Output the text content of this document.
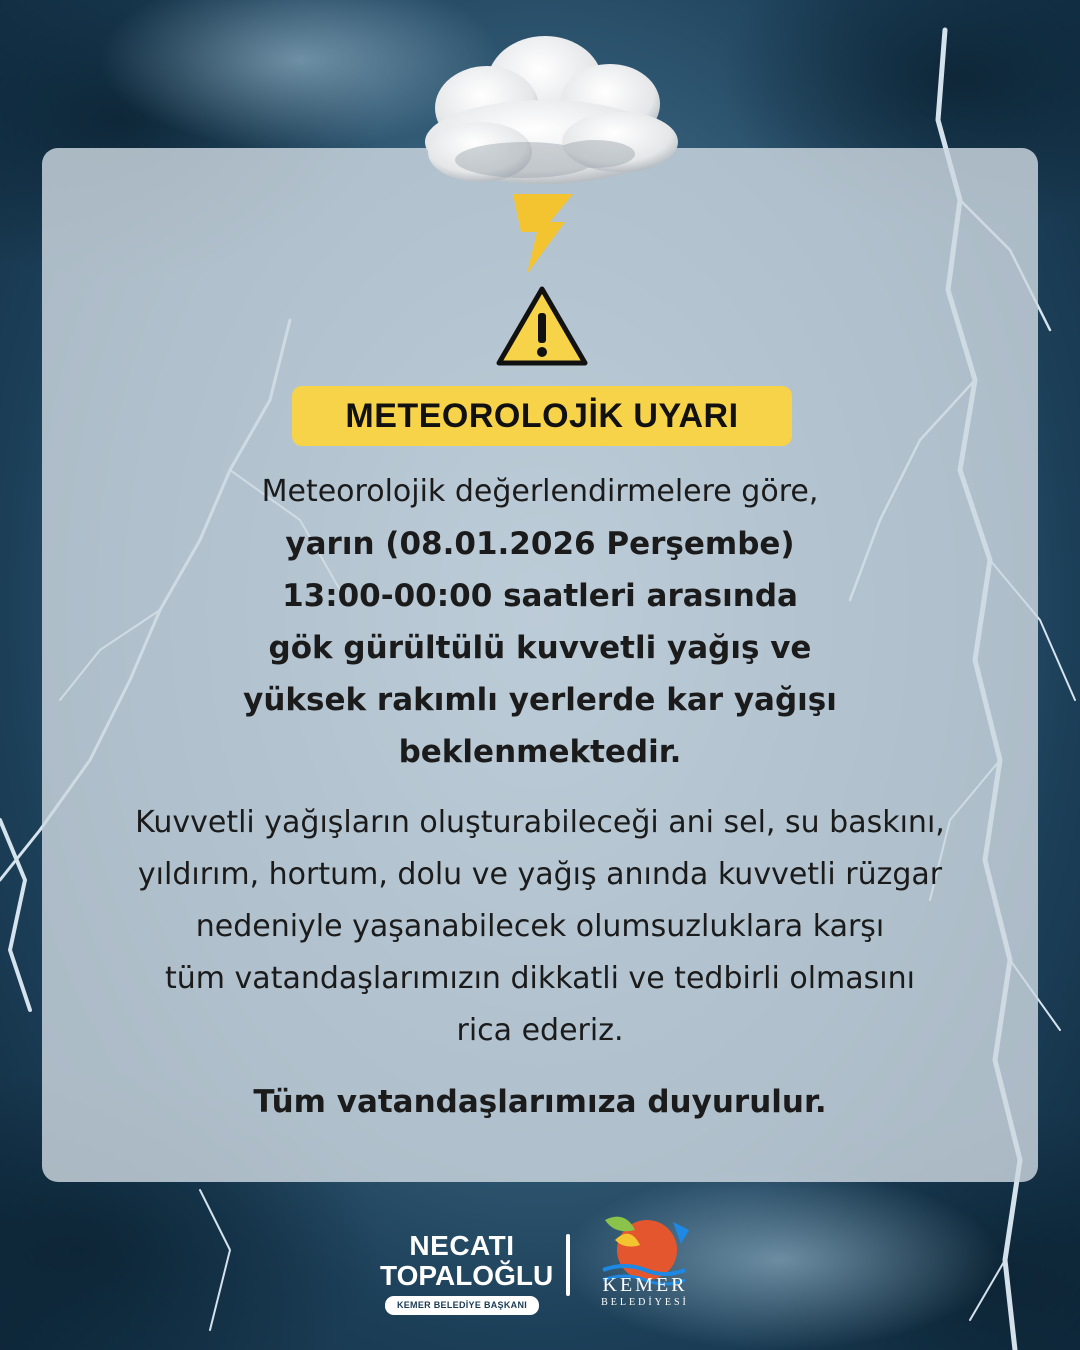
METEOROLOJİK UYARI
Meteorolojik değerlendirmelere göre,
yarın (08.01.2026 Perşembe)
13:00-00:00 saatleri arasında
gök gürültülü kuvvetli yağış ve
yüksek rakımlı yerlerde kar yağışı
beklenmektedir.
Kuvvetli yağışların oluşturabileceği ani sel, su baskını,
yıldırım, hortum, dolu ve yağış anında kuvvetli rüzgar
nedeniyle yaşanabilecek olumsuzluklara karşı
tüm vatandaşlarımızın dikkatli ve tedbirli olmasını
rica ederiz.
Tüm vatandaşlarımıza duyurulur.
NECATI
TOPALOĞLU
KEMER BELEDİYE BAŞKANI
KEMER
BELEDİYESİ
